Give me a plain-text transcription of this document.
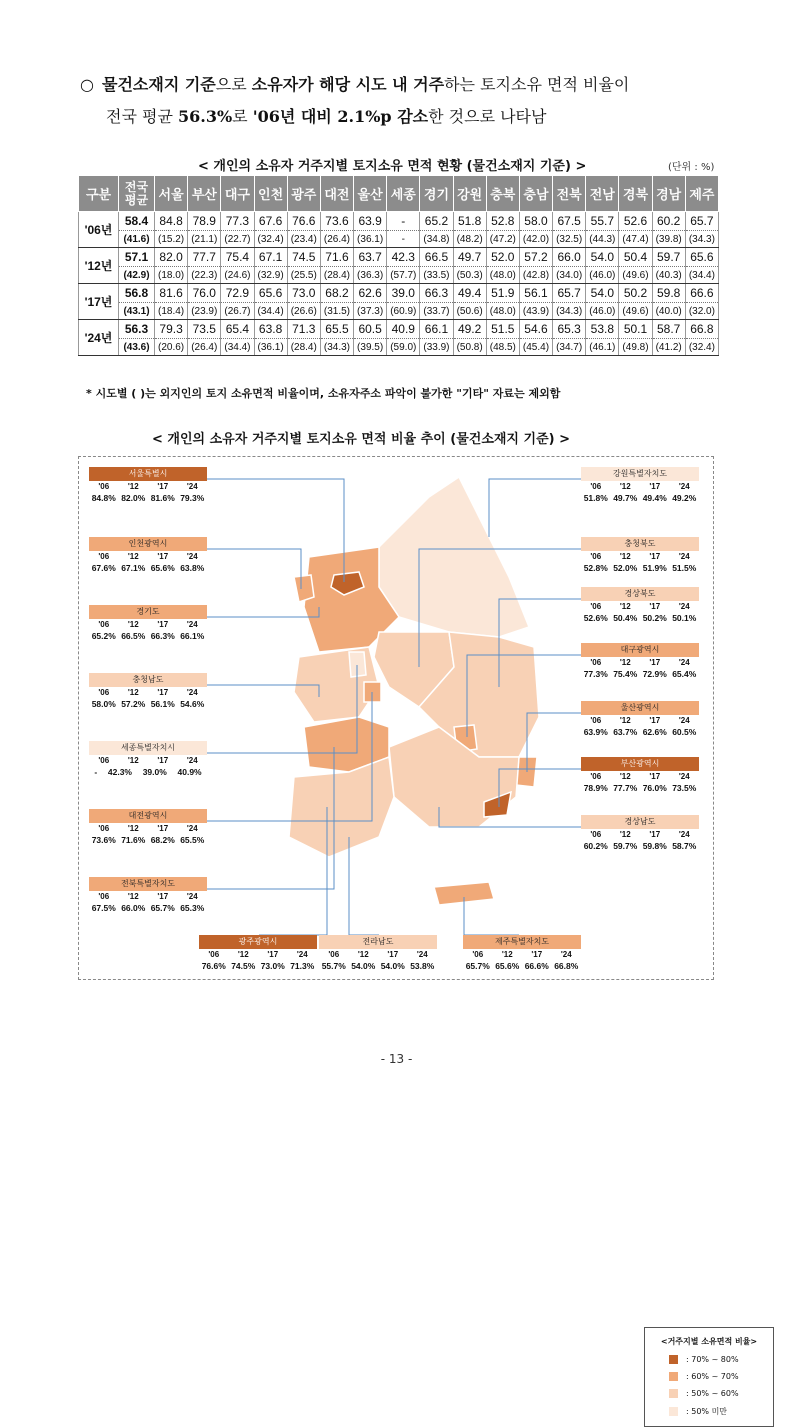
○ 물건소재지 기준으로 소유자가 해당 시도 내 거주하는 토지소유 면적 비율이
전국 평균 56.3%로 '06년 대비 2.1%p 감소한 것으로 나타남
< 개인의 소유자 거주지별 토지소유 면적 현황 (물건소재지 기준) >	(단위 : %)
구분	전국 평균	서울	부산	대구	인천	광주	대전	울산	세종	경기	강원	충북	충남	전북	전남	경북	경남	제주
'06년	58.4	84.8	78.9	77.3	67.6	76.6	73.6	63.9	-	65.2	51.8	52.8	58.0	67.5	55.7	52.6	60.2	65.7
	(41.6)	(15.2)	(21.1)	(22.7)	(32.4)	(23.4)	(26.4)	(36.1)	-	(34.8)	(48.2)	(47.2)	(42.0)	(32.5)	(44.3)	(47.4)	(39.8)	(34.3)
'12년	57.1	82.0	77.7	75.4	67.1	74.5	71.6	63.7	42.3	66.5	49.7	52.0	57.2	66.0	54.0	50.4	59.7	65.6
	(42.9)	(18.0)	(22.3)	(24.6)	(32.9)	(25.5)	(28.4)	(36.3)	(57.7)	(33.5)	(50.3)	(48.0)	(42.8)	(34.0)	(46.0)	(49.6)	(40.3)	(34.4)
'17년	56.8	81.6	76.0	72.9	65.6	73.0	68.2	62.6	39.0	66.3	49.4	51.9	56.1	65.7	54.0	50.2	59.8	66.6
	(43.1)	(18.4)	(23.9)	(26.7)	(34.4)	(26.6)	(31.5)	(37.3)	(60.9)	(33.7)	(50.6)	(48.0)	(43.9)	(34.3)	(46.0)	(49.6)	(40.0)	(32.0)
'24년	56.3	79.3	73.5	65.4	63.8	71.3	65.5	60.5	40.9	66.1	49.2	51.5	54.6	65.3	53.8	50.1	58.7	66.8
	(43.6)	(20.6)	(26.4)	(34.4)	(36.1)	(28.4)	(34.3)	(39.5)	(59.0)	(33.9)	(50.8)	(48.5)	(45.4)	(34.7)	(46.1)	(49.8)	(41.2)	(32.4)
* 시도별 ( )는 외지인의 토지 소유면적 비율이며, 소유자주소 파악이 불가한 "기타" 자료는 제외함
< 개인의 소유자 거주지별 토지소유 면적 비율 추이 (물건소재지 기준) >
서울특별시
'06 '12 '17 '24
84.8% 82.0% 81.6% 79.3%
인천광역시
'06 '12 '17 '24
67.6% 67.1% 65.6% 63.8%
경기도
'06 '12 '17 '24
65.2% 66.5% 66.3% 66.1%
충청남도
'06 '12 '17 '24
58.0% 57.2% 56.1% 54.6%
세종특별자치시
'06 '12 '17 '24
- 42.3% 39.0% 40.9%
대전광역시
'06 '12 '17 '24
73.6% 71.6% 68.2% 65.5%
전북특별자치도
'06 '12 '17 '24
67.5% 66.0% 65.7% 65.3%
광주광역시
'06 '12 '17 '24
76.6% 74.5% 73.0% 71.3%
전라남도
'06 '12 '17 '24
55.7% 54.0% 54.0% 53.8%
제주특별자치도
'06 '12 '17 '24
65.7% 65.6% 66.6% 66.8%
강원특별자치도
'06 '12 '17 '24
51.8% 49.7% 49.4% 49.2%
충청북도
'06 '12 '17 '24
52.8% 52.0% 51.9% 51.5%
경상북도
'06 '12 '17 '24
52.6% 50.4% 50.2% 50.1%
대구광역시
'06 '12 '17 '24
77.3% 75.4% 72.9% 65.4%
울산광역시
'06 '12 '17 '24
63.9% 63.7% 62.6% 60.5%
부산광역시
'06 '12 '17 '24
78.9% 77.7% 76.0% 73.5%
경상남도
'06 '12 '17 '24
60.2% 59.7% 59.8% 58.7%
<거주지별 소유면적 비율>
: 70% ~ 80%
: 60% ~ 70%
: 50% ~ 60%
: 50% 미만
- 13 -
